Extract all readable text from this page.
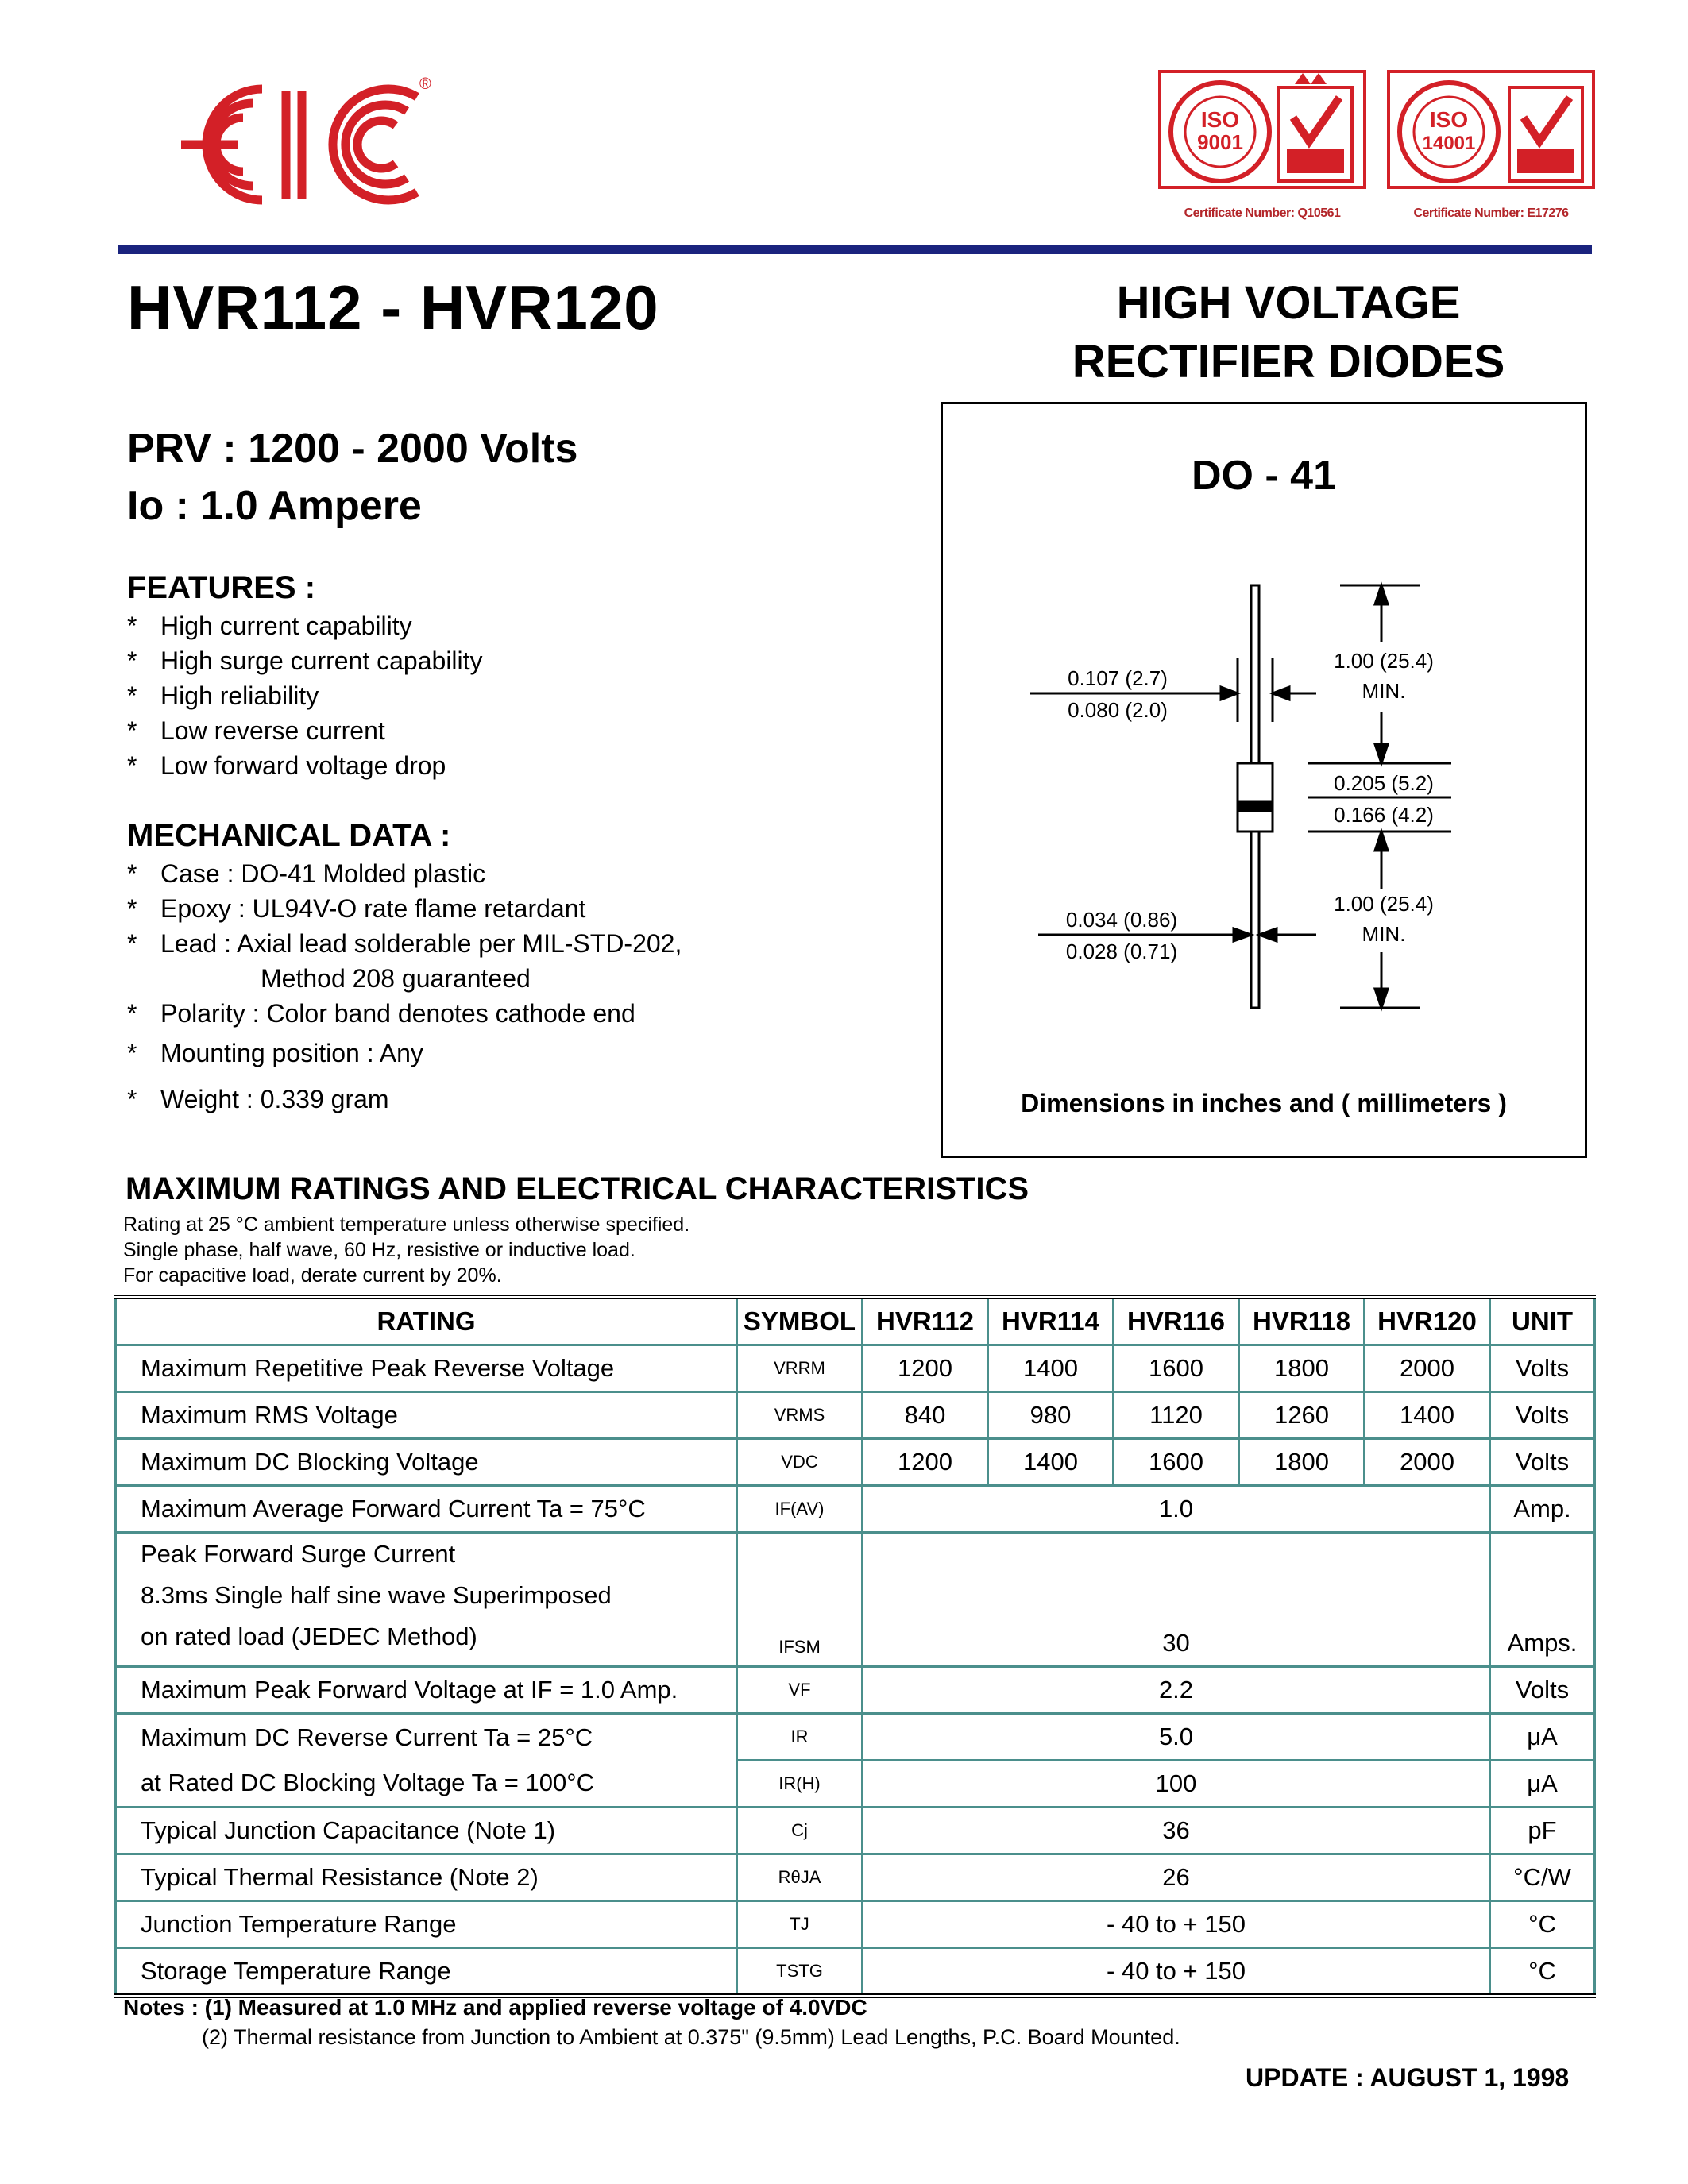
®
ISO
9001
ISO
14001
Certificate Number: Q10561	Certificate Number: E17276
HVR112 - HVR120	HIGH VOLTAGE
RECTIFIER DIODES
PRV : 1200 - 2000 Volts
Io : 1.0 Ampere
FEATURES :
* High current capability
* High surge current capability
* High reliability
* Low reverse current
* Low forward voltage drop
MECHANICAL DATA :
* Case : DO-41 Molded plastic
* Epoxy : UL94V-O rate flame retardant
* Lead : Axial lead solderable per MIL-STD-202,
Method 208 guaranteed
* Polarity : Color band denotes cathode end
* Mounting position : Any
* Weight : 0.339 gram
DO - 41
0.107 (2.7)
0.080 (2.0)
1.00 (25.4)
MIN.
0.205 (5.2)
0.166 (4.2)
0.034 (0.86)
0.028 (0.71)
1.00 (25.4)
MIN.
Dimensions in inches and ( millimeters )
MAXIMUM RATINGS AND ELECTRICAL CHARACTERISTICS
Rating at 25 °C ambient temperature unless otherwise specified.
Single phase, half wave, 60 Hz, resistive or inductive load.
For capacitive load, derate current by 20%.
RATING	SYMBOL	HVR112	HVR114	HVR116	HVR118	HVR120	UNIT
Maximum Repetitive Peak Reverse Voltage	VRRM	1200	1400	1600	1800	2000	Volts
Maximum RMS Voltage	VRMS	840	980	1120	1260	1400	Volts
Maximum DC Blocking Voltage	VDC	1200	1400	1600	1800	2000	Volts
Maximum Average Forward Current Ta = 75°C	IF(AV)	1.0					Amp.

Peak Forward Surge Current
8.3ms Single half sine wave Superimposed
on rated load (JEDEC Method)	IFSM	30					Amps.
Maximum Peak Forward Voltage at IF = 1.0 Amp.	VF	2.2					Volts
Maximum DC Reverse Current Ta = 25°C	IR	5.0					μA
at Rated DC Blocking Voltage Ta = 100°C	IR(H)	100					μA
Typical Junction Capacitance (Note 1)	Cj	36					pF
Typical Thermal Resistance (Note 2)	RθJA	26					°C/W
Junction Temperature Range	TJ	- 40 to + 150					°C
Storage Temperature Range	TSTG	- 40 to + 150					°C
Notes : (1) Measured at 1.0 MHz and applied reverse voltage of 4.0VDC
(2) Thermal resistance from Junction to Ambient at 0.375" (9.5mm) Lead Lengths, P.C. Board Mounted.
UPDATE : AUGUST 1, 1998
